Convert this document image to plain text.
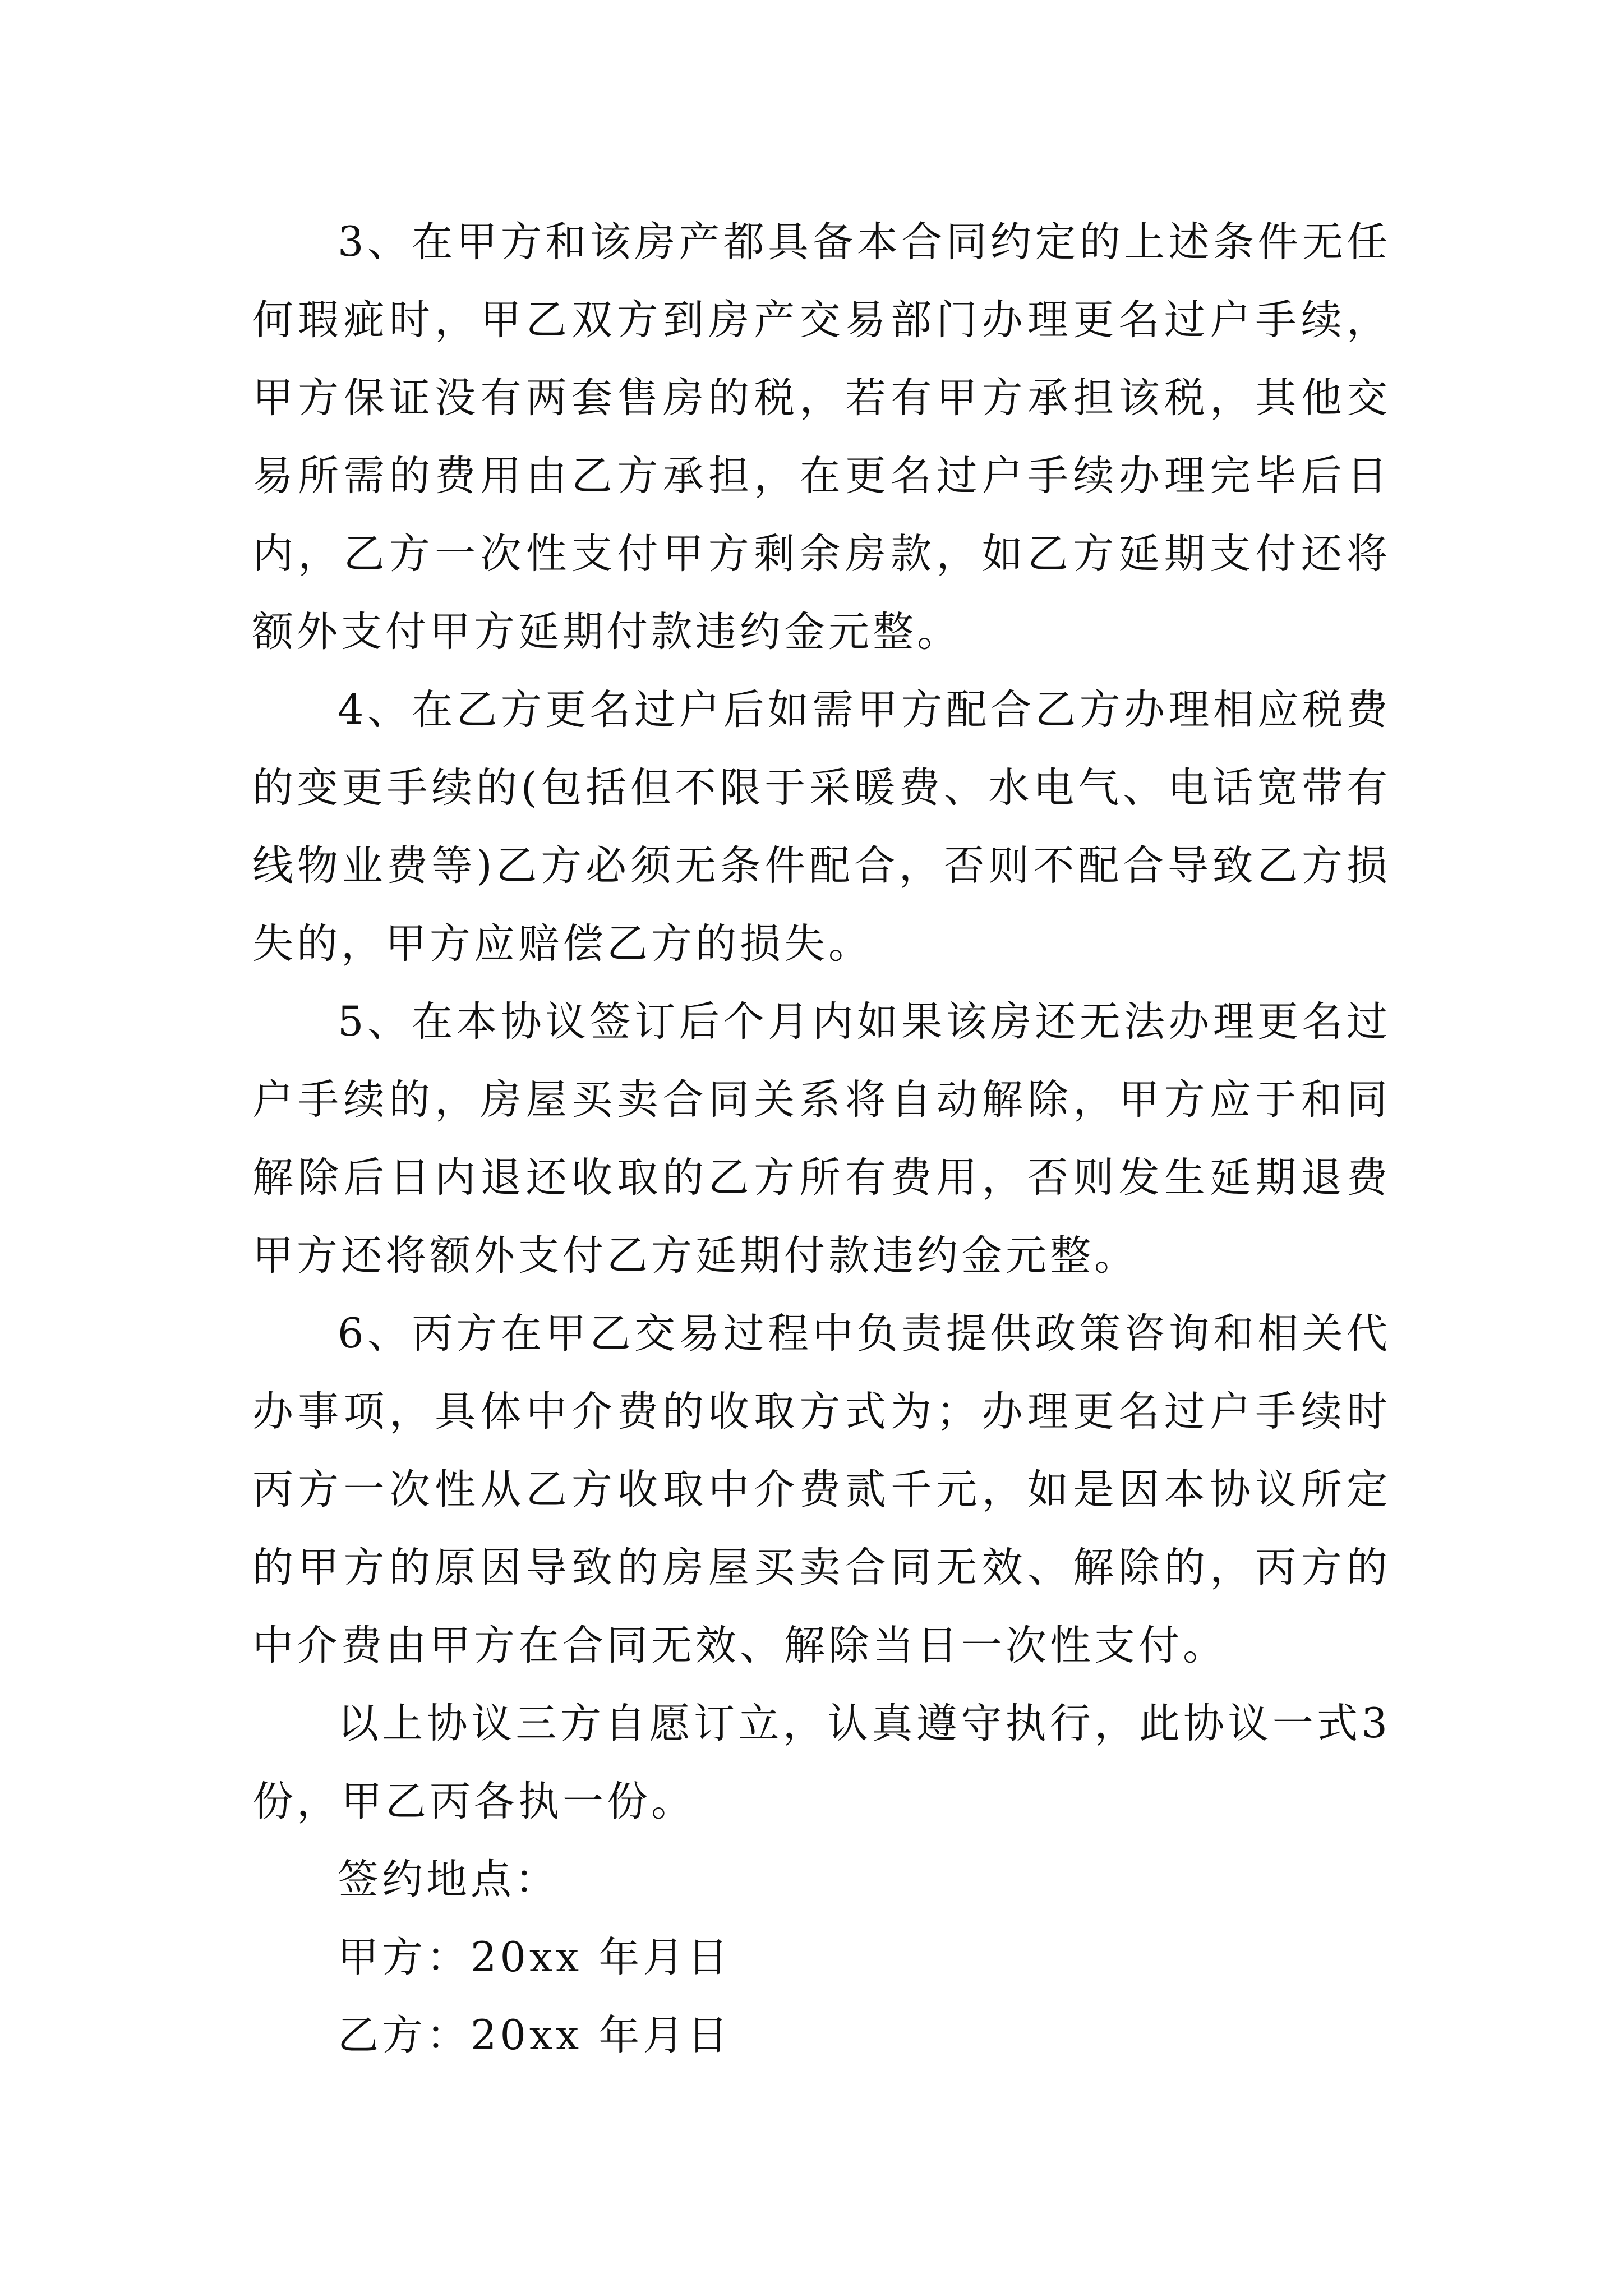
3、在甲方和该房产都具备本合同约定的上述条件无任何瑕疵时，甲乙双方到房产交易部门办理更名过户手续，甲方保证没有两套售房的税，若有甲方承担该税，其他交易所需的费用由乙方承担，在更名过户手续办理完毕后日内，乙方一次性支付甲方剩余房款，如乙方延期支付还将额外支付甲方延期付款违约金元整。

4、在乙方更名过户后如需甲方配合乙方办理相应税费的变更手续的(包括但不限于采暖费、水电气、电话宽带有线物业费等)乙方必须无条件配合，否则不配合导致乙方损失的，甲方应赔偿乙方的损失。

5、在本协议签订后个月内如果该房还无法办理更名过户手续的，房屋买卖合同关系将自动解除，甲方应于和同解除后日内退还收取的乙方所有费用，否则发生延期退费甲方还将额外支付乙方延期付款违约金元整。

6、丙方在甲乙交易过程中负责提供政策咨询和相关代办事项，具体中介费的收取方式为；办理更名过户手续时丙方一次性从乙方收取中介费贰千元，如是因本协议所定的甲方的原因导致的房屋买卖合同无效、解除的，丙方的中介费由甲方在合同无效、解除当日一次性支付。

以上协议三方自愿订立，认真遵守执行，此协议一式3份，甲乙丙各执一份。

签约地点：

甲方：20xx 年月日

乙方：20xx 年月日
